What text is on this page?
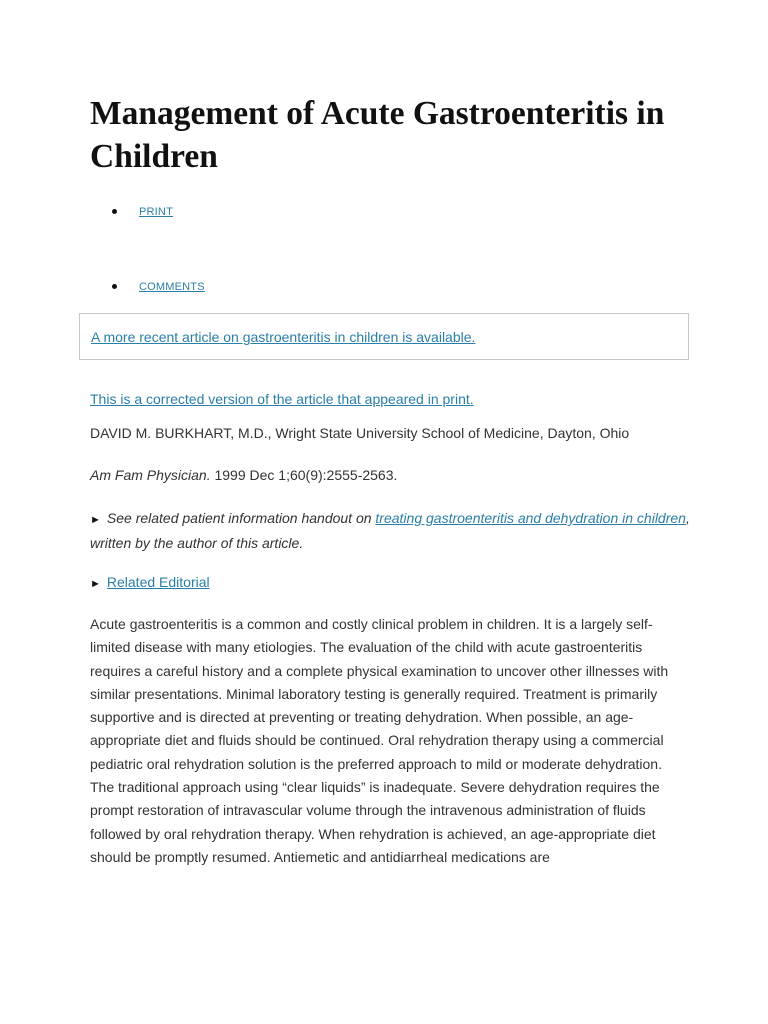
Management of Acute Gastroenteritis in Children
PRINT
COMMENTS
A more recent article on gastroenteritis in children is available.
This is a corrected version of the article that appeared in print.
DAVID M. BURKHART, M.D., Wright State University School of Medicine, Dayton, Ohio
Am Fam Physician. 1999 Dec 1;60(9):2555-2563.
► See related patient information handout on treating gastroenteritis and dehydration in children, written by the author of this article.
► Related Editorial

Acute gastroenteritis is a common and costly clinical problem in children. It is a largely self-limited disease with many etiologies. The evaluation of the child with acute gastroenteritis requires a careful history and a complete physical examination to uncover other illnesses with similar presentations. Minimal laboratory testing is generally required. Treatment is primarily supportive and is directed at preventing or treating dehydration. When possible, an age-appropriate diet and fluids should be continued. Oral rehydration therapy using a commercial pediatric oral rehydration solution is the preferred approach to mild or moderate dehydration. The traditional approach using “clear liquids” is inadequate. Severe dehydration requires the prompt restoration of intravascular volume through the intravenous administration of fluids followed by oral rehydration therapy. When rehydration is achieved, an age-appropriate diet should be promptly resumed. Antiemetic and antidiarrheal medications are
